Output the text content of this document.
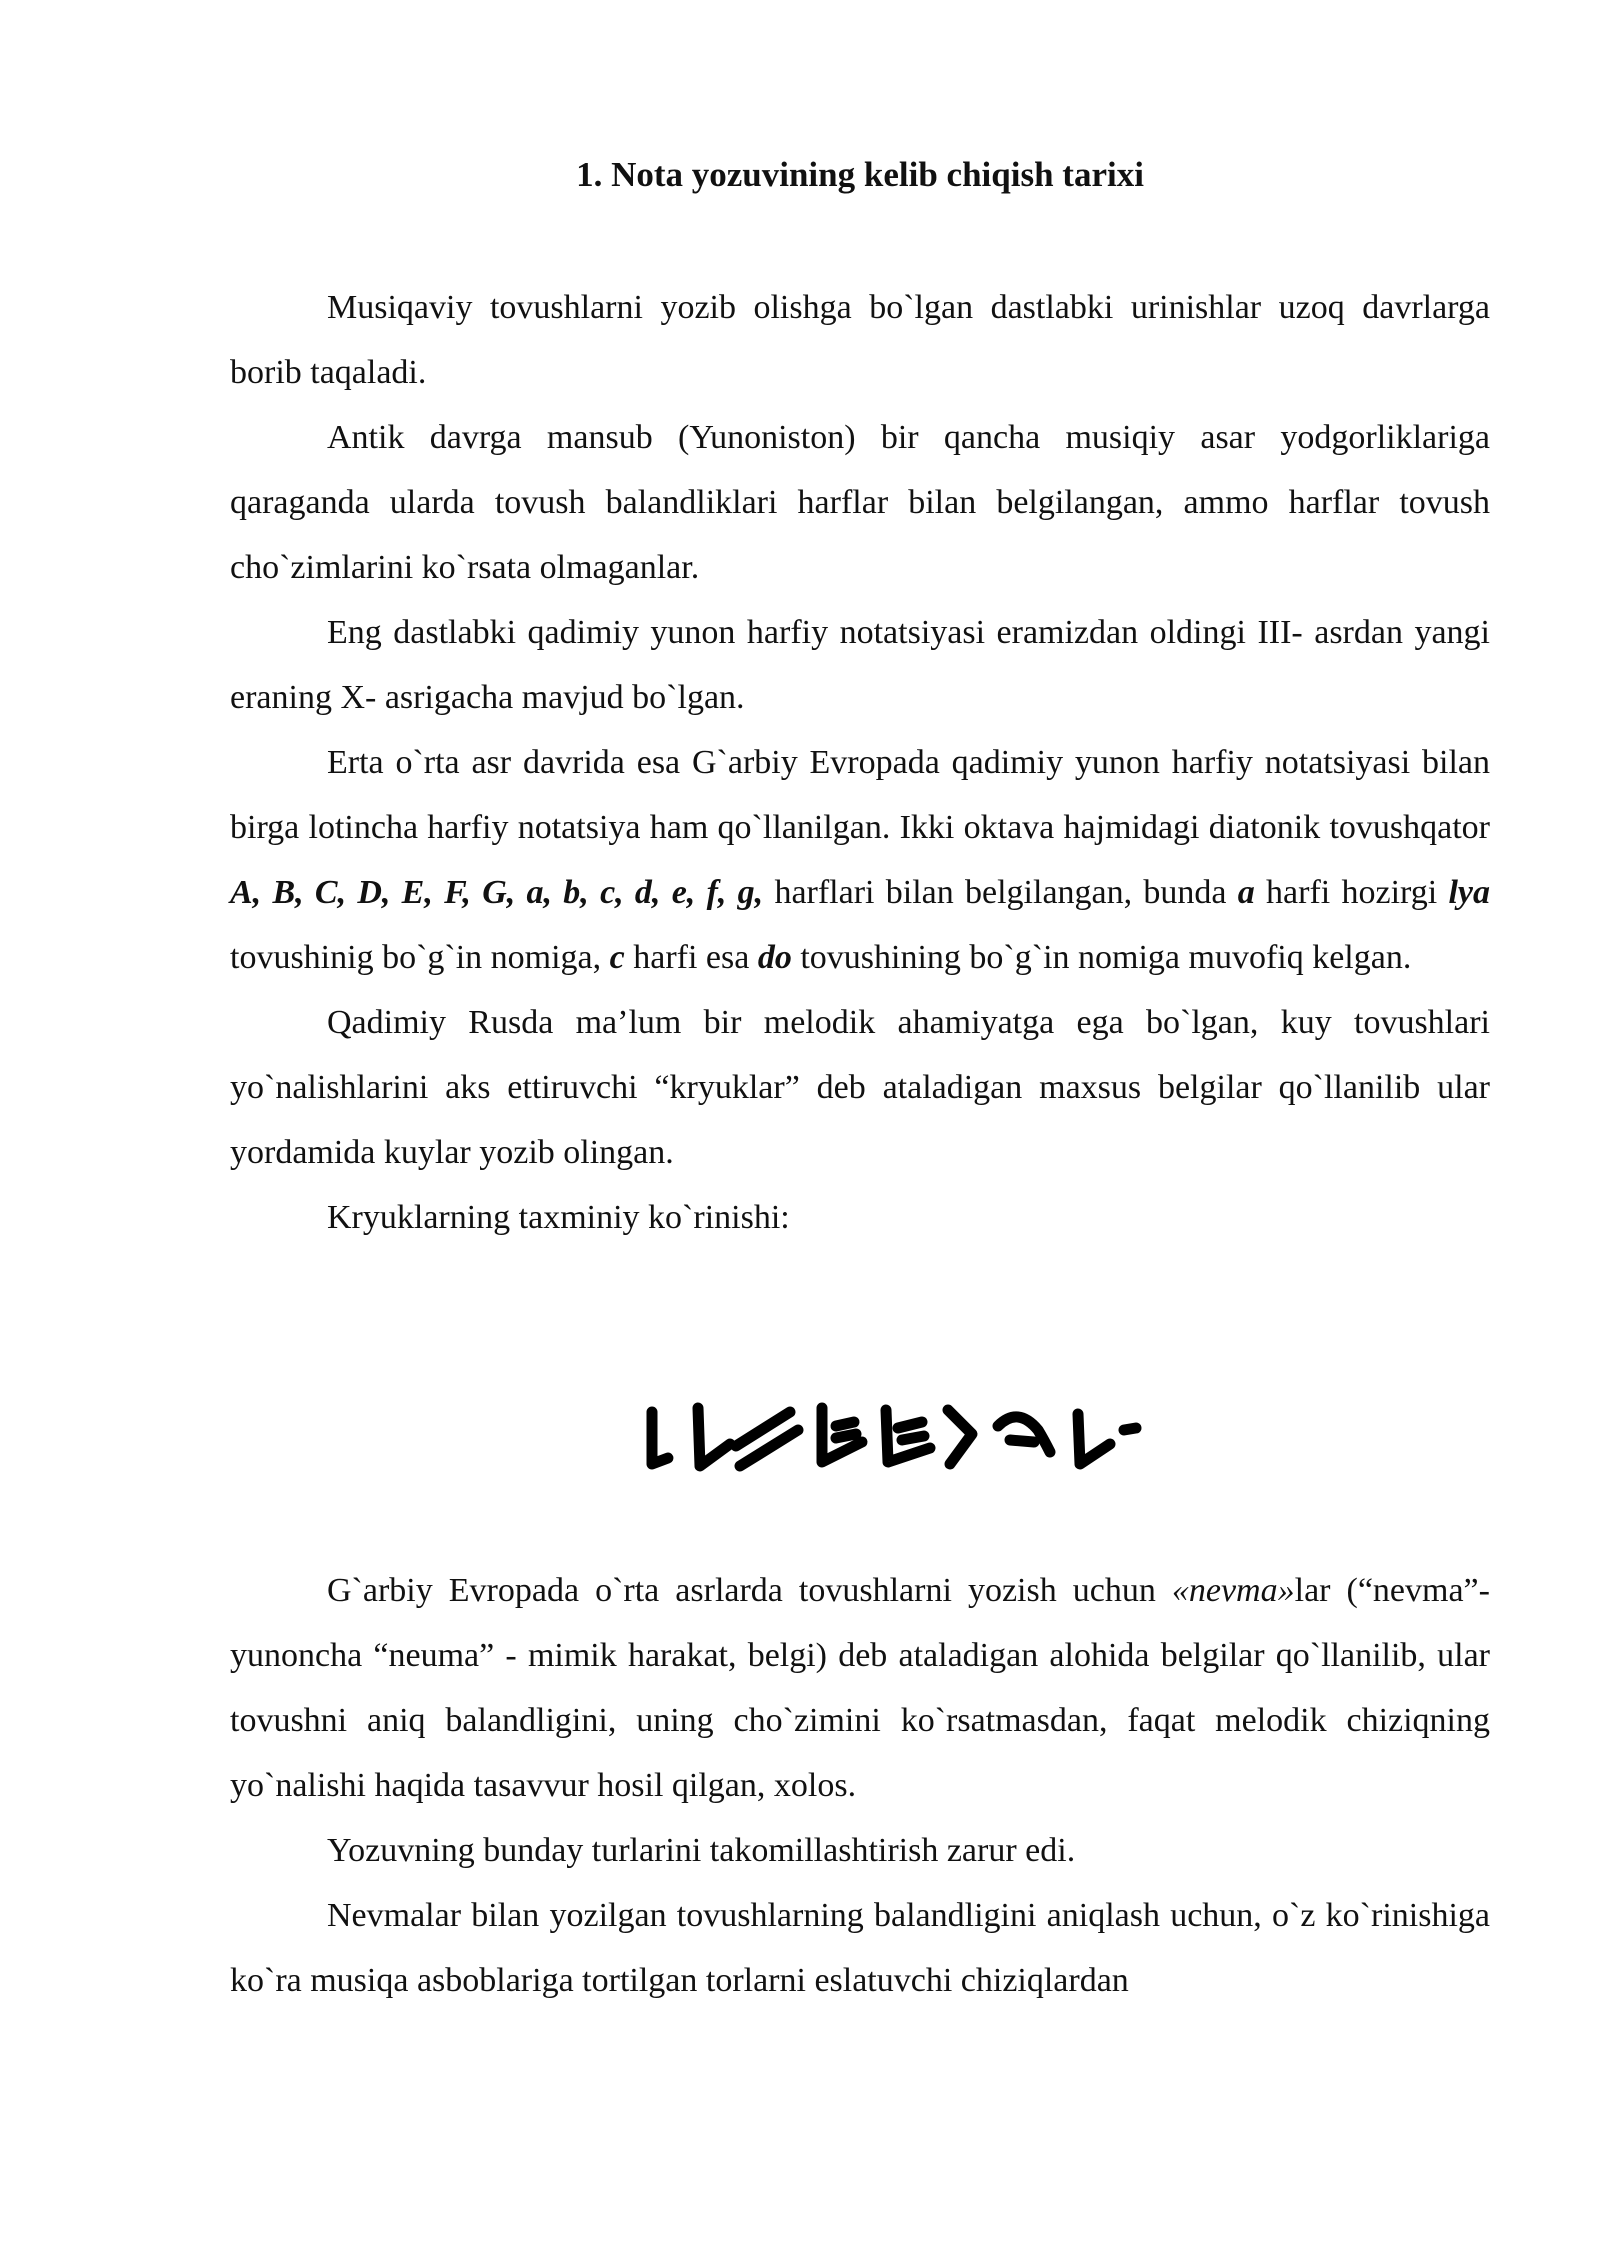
1. Nota yozuvining kelib chiqish tarixi

Musiqaviy tovushlarni yozib olishga bo`lgan dastlabki urinishlar uzoq davrlarga borib taqaladi.

Antik davrga mansub (Yunoniston) bir qancha musiqiy asar yodgorliklariga qaraganda ularda tovush balandliklari harflar bilan belgilangan, ammo harflar tovush cho`zimlarini ko`rsata olmaganlar.

Eng dastlabki qadimiy yunon harfiy notatsiyasi eramizdan oldingi III- asrdan yangi eraning X- asrigacha mavjud bo`lgan.

Erta o`rta asr davrida esa G`arbiy Evropada qadimiy yunon harfiy notatsiyasi bilan birga lotincha harfiy notatsiya ham qo`llanilgan. Ikki oktava hajmidagi diatonik tovushqator A, B, C, D, E, F, G, a, b, c, d, e, f, g, harflari bilan belgilangan, bunda a harfi hozirgi lya tovushinig bo`g`in nomiga, c harfi esa do tovushining bo`g`in nomiga muvofiq kelgan.

Qadimiy Rusda ma’lum bir melodik ahamiyatga ega bo`lgan, kuy tovushlari yo`nalishlarini aks ettiruvchi “kryuklar” deb ataladigan maxsus belgilar qo`llanilib ular yordamida kuylar yozib olingan.

Kryuklarning taxminiy ko`rinishi:

G`arbiy Evropada o`rta asrlarda tovushlarni yozish uchun «nevma»lar (“nevma”-yunoncha “neuma” - mimik harakat, belgi) deb ataladigan alohida belgilar qo`llanilib, ular tovushni aniq balandligini, uning cho`zimini ko`rsatmasdan, faqat melodik chiziqning yo`nalishi haqida tasavvur hosil qilgan, xolos.

Yozuvning bunday turlarini takomillashtirish zarur edi.

Nevmalar bilan yozilgan tovushlarning balandligini aniqlash uchun, o`z ko`rinishiga ko`ra musiqa asboblariga tortilgan torlarni eslatuvchi chiziqlardan
